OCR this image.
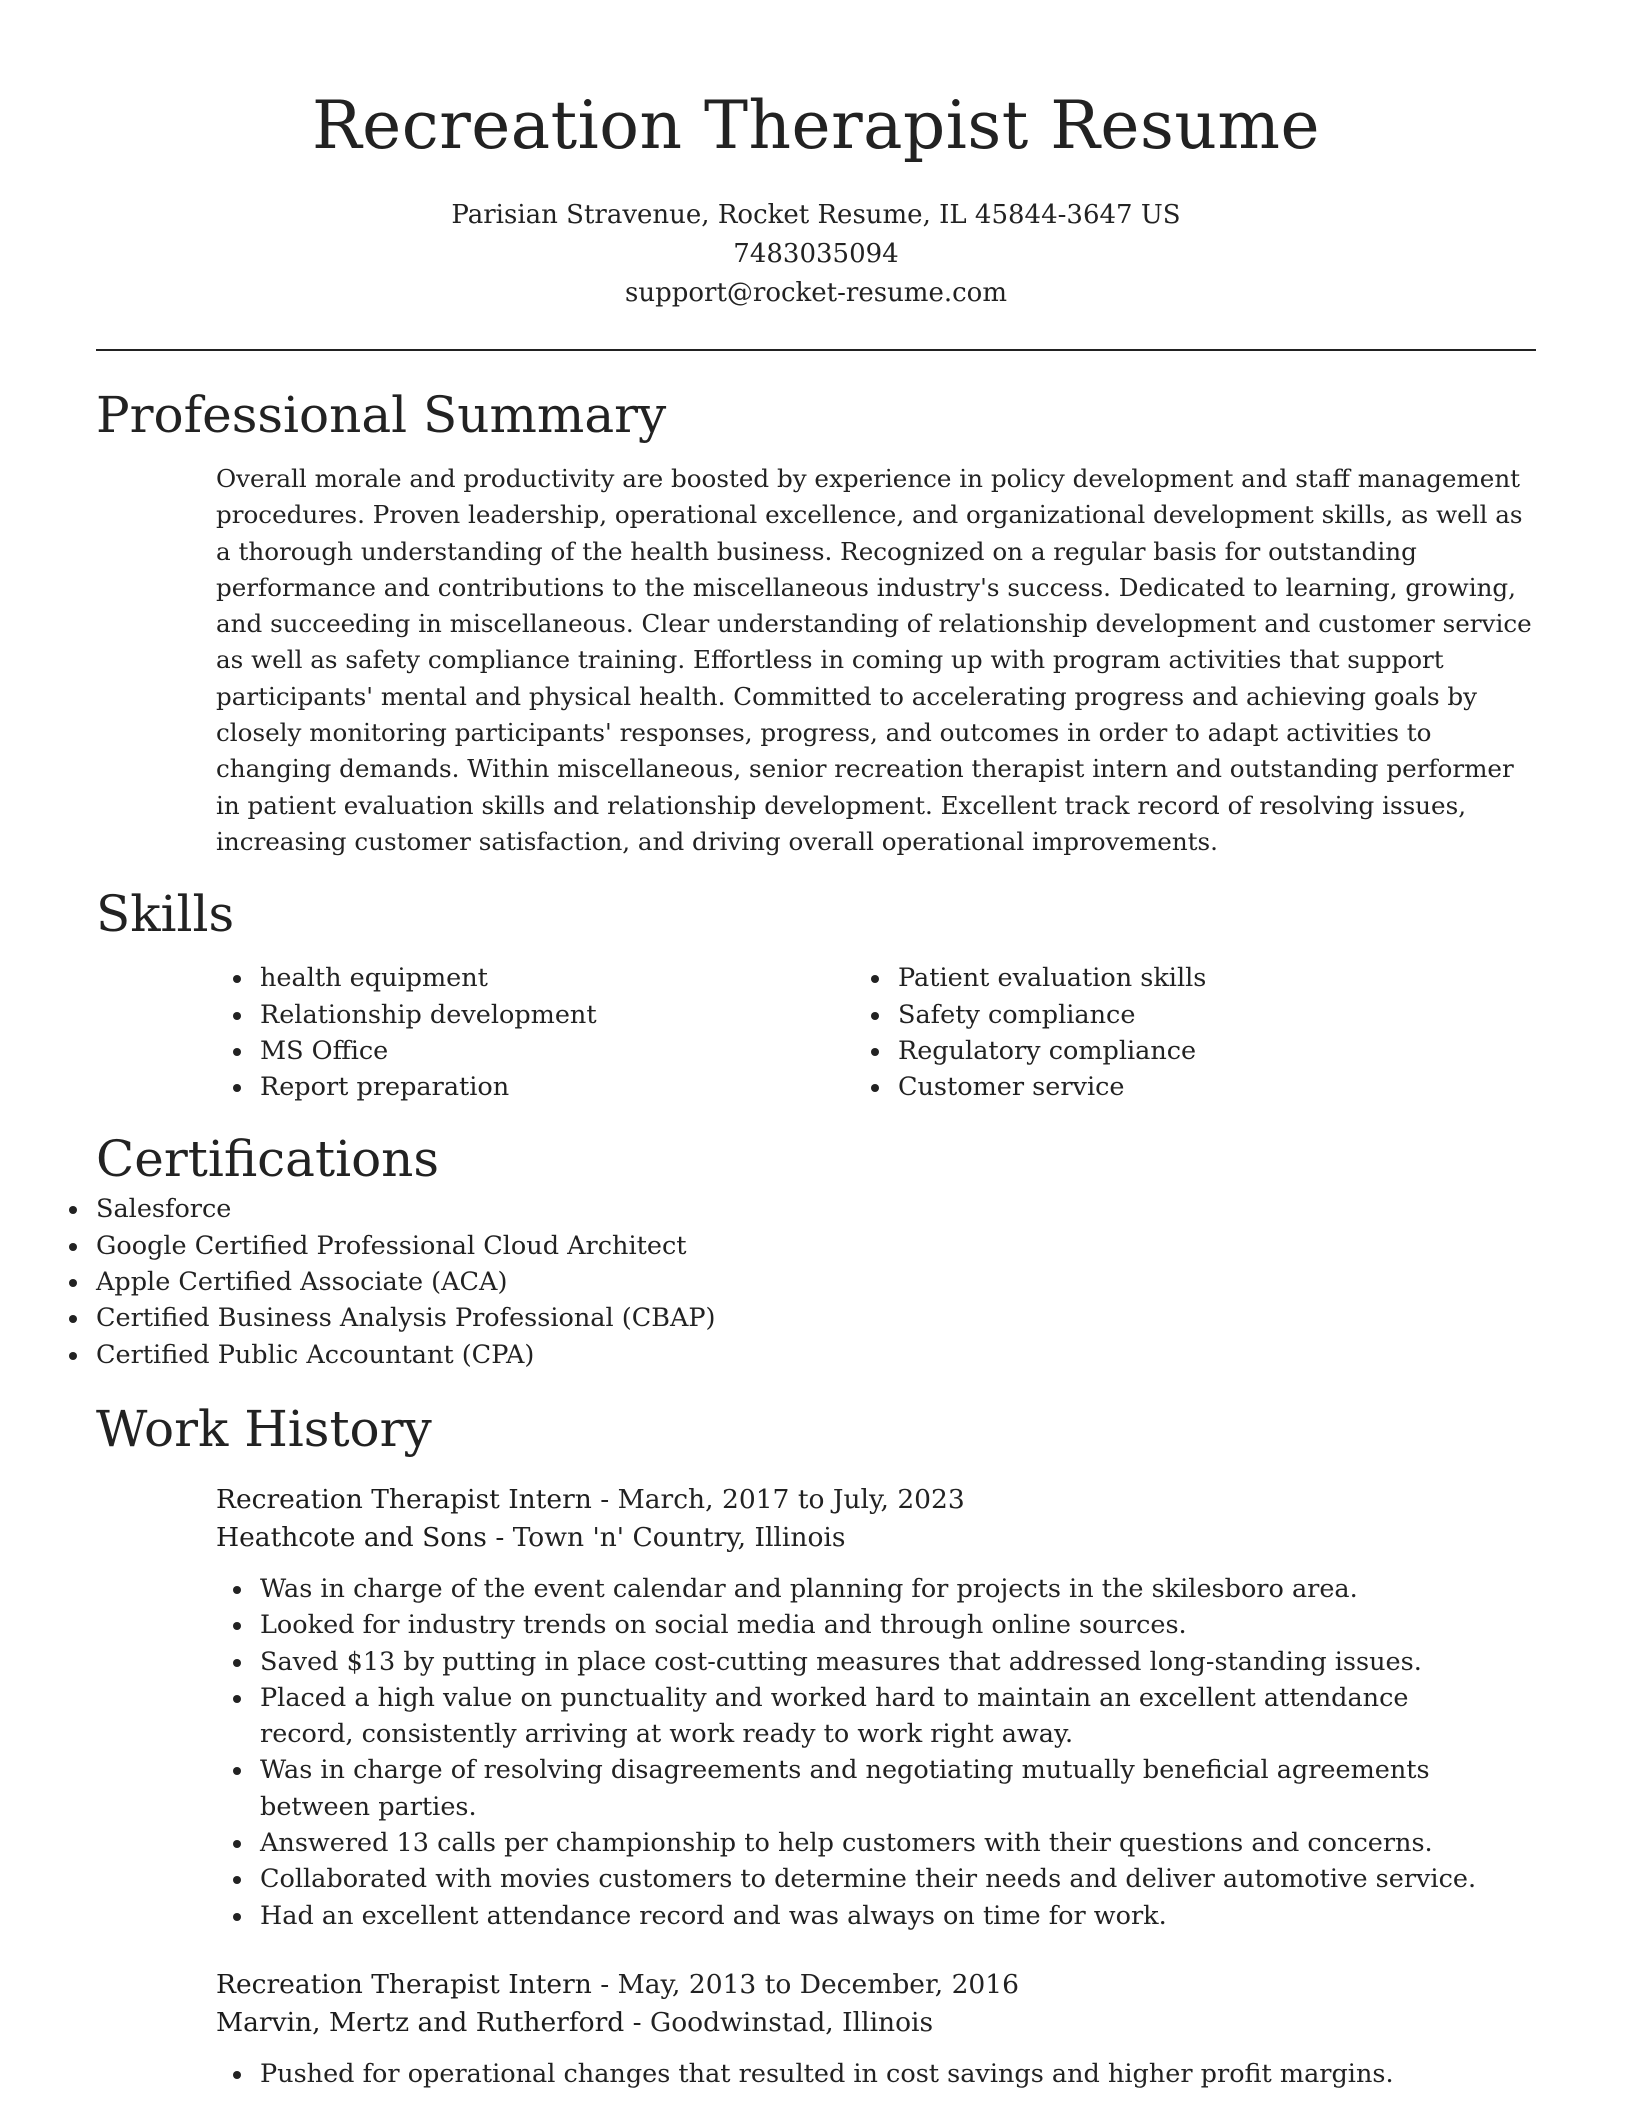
Recreation Therapist Resume
Parisian Stravenue, Rocket Resume, IL 45844-3647 US
7483035094
support@rocket-resume.com
Professional Summary

Overall morale and productivity are boosted by experience in policy development and staff management procedures. Proven leadership, operational excellence, and organizational development skills, as well as a thorough understanding of the health business. Recognized on a regular basis for outstanding performance and contributions to the miscellaneous industry's success. Dedicated to learning, growing, and succeeding in miscellaneous. Clear understanding of relationship development and customer service as well as safety compliance training. Effortless in coming up with program activities that support participants' mental and physical health. Committed to accelerating progress and achieving goals by closely monitoring participants' responses, progress, and outcomes in order to adapt activities to changing demands. Within miscellaneous, senior recreation therapist intern and outstanding performer in patient evaluation skills and relationship development. Excellent track record of resolving issues, increasing customer satisfaction, and driving overall operational improvements.

Skills
health equipment
Relationship development
MS Office
Report preparation
Patient evaluation skills
Safety compliance
Regulatory compliance
Customer service
Certifications
Salesforce
Google Certified Professional Cloud Architect
Apple Certified Associate (ACA)
Certified Business Analysis Professional (CBAP)
Certified Public Accountant (CPA)
Work History
Recreation Therapist Intern - March, 2017 to July, 2023
Heathcote and Sons - Town 'n' Country, Illinois
Was in charge of the event calendar and planning for projects in the skilesboro area.
Looked for industry trends on social media and through online sources.
Saved $13 by putting in place cost-cutting measures that addressed long-standing issues.
Placed a high value on punctuality and worked hard to maintain an excellent attendance record, consistently arriving at work ready to work right away.
Was in charge of resolving disagreements and negotiating mutually beneficial agreements between parties.
Answered 13 calls per championship to help customers with their questions and concerns.
Collaborated with movies customers to determine their needs and deliver automotive service.
Had an excellent attendance record and was always on time for work.
Recreation Therapist Intern - May, 2013 to December, 2016
Marvin, Mertz and Rutherford - Goodwinstad, Illinois
Pushed for operational changes that resulted in cost savings and higher profit margins.
